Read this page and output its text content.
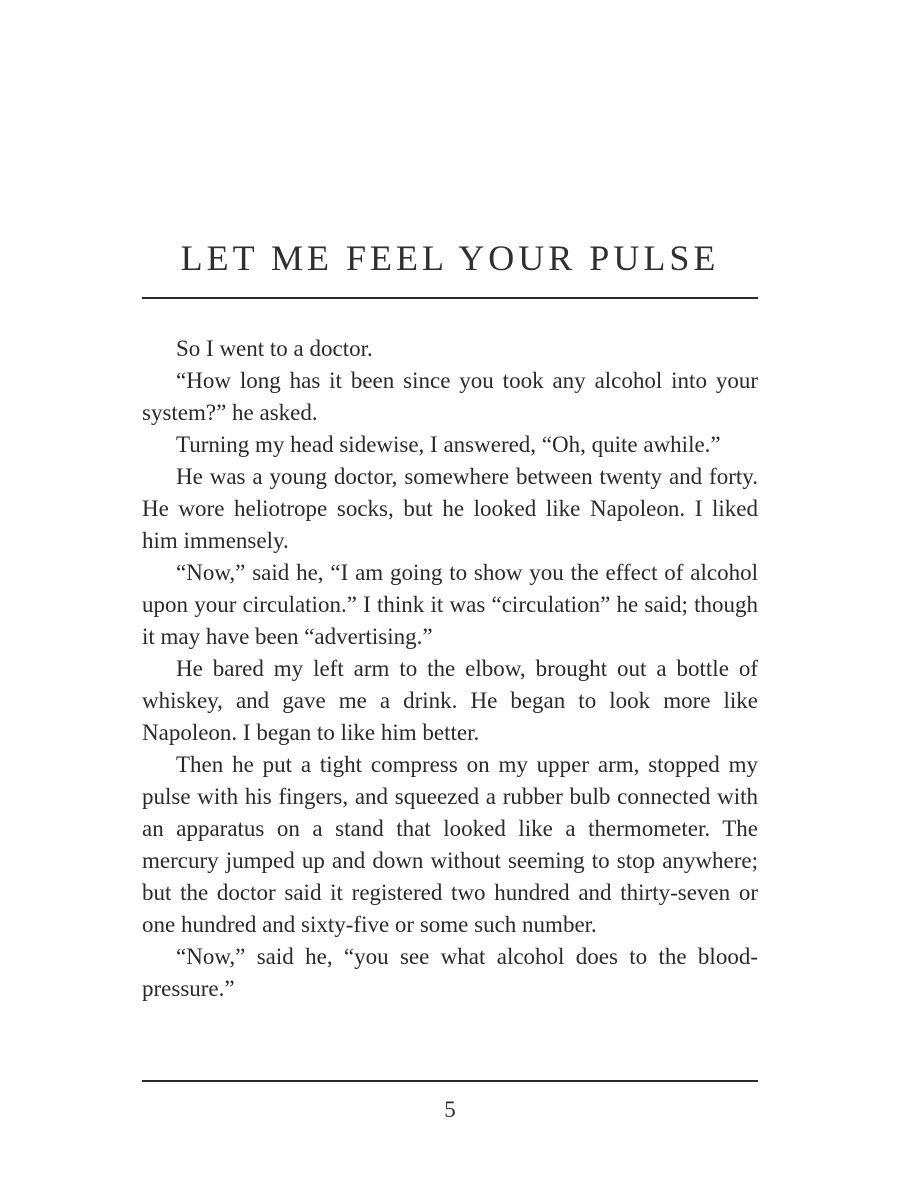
LET ME FEEL YOUR PULSE

So I went to a doctor.

“How long has it been since you took any alcohol into your system?” he asked.

Turning my head sidewise, I answered, “Oh, quite awhile.”

He was a young doctor, somewhere between twenty and forty. He wore heliotrope socks, but he looked like Napoleon. I liked him immensely.

“Now,” said he, “I am going to show you the effect of alcohol upon your circulation.” I think it was “circulation” he said; though it may have been “advertising.”

He bared my left arm to the elbow, brought out a bottle of whiskey, and gave me a drink. He began to look more like Napoleon. I began to like him better.

Then he put a tight compress on my upper arm, stopped my pulse with his fingers, and squeezed a rubber bulb connected with an apparatus on a stand that looked like a thermometer. The mercury jumped up and down without seeming to stop anywhere; but the doctor said it registered two hundred and thirty-seven or one hundred and sixty-five or some such number.

“Now,” said he, “you see what alcohol does to the blood-pressure.”

5
